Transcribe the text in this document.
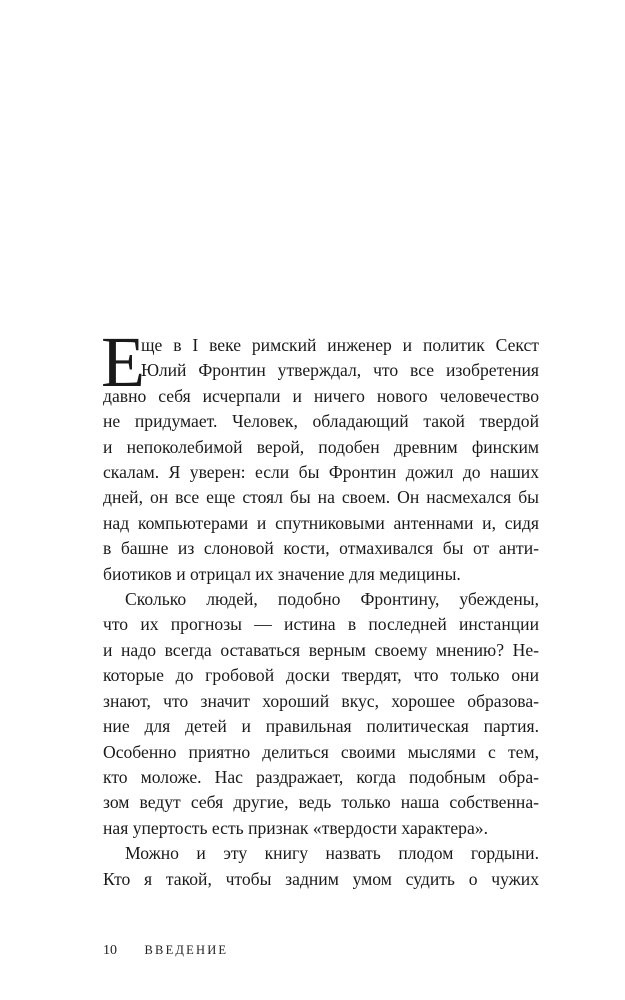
Е
ще в I веке римский инженер и политик Секст
Юлий Фронтин утверждал, что все изобретения
давно себя исчерпали и ничего нового человечество
не придумает. Человек, обладающий такой твердой
и непоколебимой верой, подобен древним финским
скалам. Я уверен: если бы Фронтин дожил до наших
дней, он все еще стоял бы на своем. Он насмехался бы
над компьютерами и спутниковыми антеннами и, сидя
в башне из слоновой кости, отмахивался бы от анти-
биотиков и отрицал их значение для медицины.
Сколько людей, подобно Фронтину, убеждены,
что их прогнозы — истина в последней инстанции
и надо всегда оставаться верным своему мнению? Не-
которые до гробовой доски твердят, что только они
знают, что значит хороший вкус, хорошее образова-
ние для детей и правильная политическая партия.
Особенно приятно делиться своими мыслями с тем,
кто моложе. Нас раздражает, когда подобным обра-
зом ведут себя другие, ведь только наша собственна-
ная упертость есть признак «твердости характера».
Можно и эту книгу назвать плодом гордыни.
Кто я такой, чтобы задним умом судить о чужих
10 ВВЕДЕНИЕ
